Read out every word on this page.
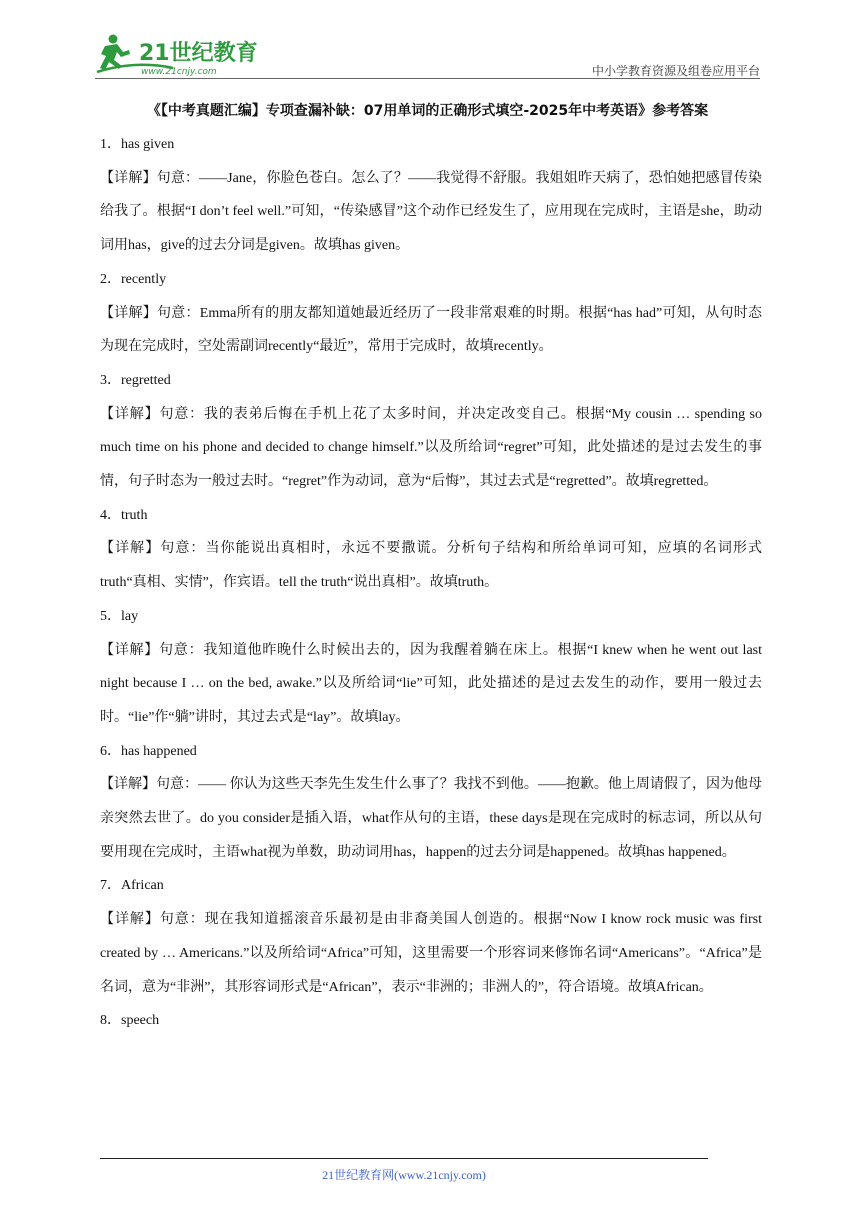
21世纪教育
www.21cnjy.com	中小学教育资源及组卷应用平台
《【中考真题汇编】专项查漏补缺：07用单词的正确形式填空-2025年中考英语》参考答案
1．has given
【详解】句意：——Jane，你脸色苍白。怎么了？——我觉得不舒服。我姐姐昨天病了，恐怕她把感冒传染给我了。根据“I don’t feel well.”可知，“传染感冒”这个动作已经发生了，应用现在完成时，主语是she，助动词用has，give的过去分词是given。故填has given。
2．recently
【详解】句意：Emma所有的朋友都知道她最近经历了一段非常艰难的时期。根据“has had”可知，从句时态为现在完成时，空处需副词recently“最近”，常用于完成时，故填recently。
3．regretted
【详解】句意：我的表弟后悔在手机上花了太多时间，并决定改变自己。根据“My cousin … spending so much time on his phone and decided to change himself.”以及所给词“regret”可知，此处描述的是过去发生的事情，句子时态为一般过去时。“regret”作为动词，意为“后悔”，其过去式是“regretted”。故填regretted。
4．truth
【详解】句意：当你能说出真相时，永远不要撒谎。分析句子结构和所给单词可知，应填的名词形式truth“真相、实情”，作宾语。tell the truth“说出真相”。故填truth。
5．lay
【详解】句意：我知道他昨晚什么时候出去的，因为我醒着躺在床上。根据“I knew when he went out last night because I … on the bed, awake.”以及所给词“lie”可知，此处描述的是过去发生的动作，要用一般过去时。“lie”作“躺”讲时，其过去式是“lay”。故填lay。
6．has happened
【详解】句意：—— 你认为这些天李先生发生什么事了？我找不到他。——抱歉。他上周请假了，因为他母亲突然去世了。do you consider是插入语，what作从句的主语，these days是现在完成时的标志词，所以从句要用现在完成时，主语what视为单数，助动词用has，happen的过去分词是happened。故填has happened。
7．African
【详解】句意：现在我知道摇滚音乐最初是由非裔美国人创造的。根据“Now I know rock music was first created by … Americans.”以及所给词“Africa”可知，这里需要一个形容词来修饰名词“Americans”。“Africa”是名词，意为“非洲”，其形容词形式是“African”，表示“非洲的；非洲人的”，符合语境。故填African。
8．speech
21世纪教育网(www.21cnjy.com)
